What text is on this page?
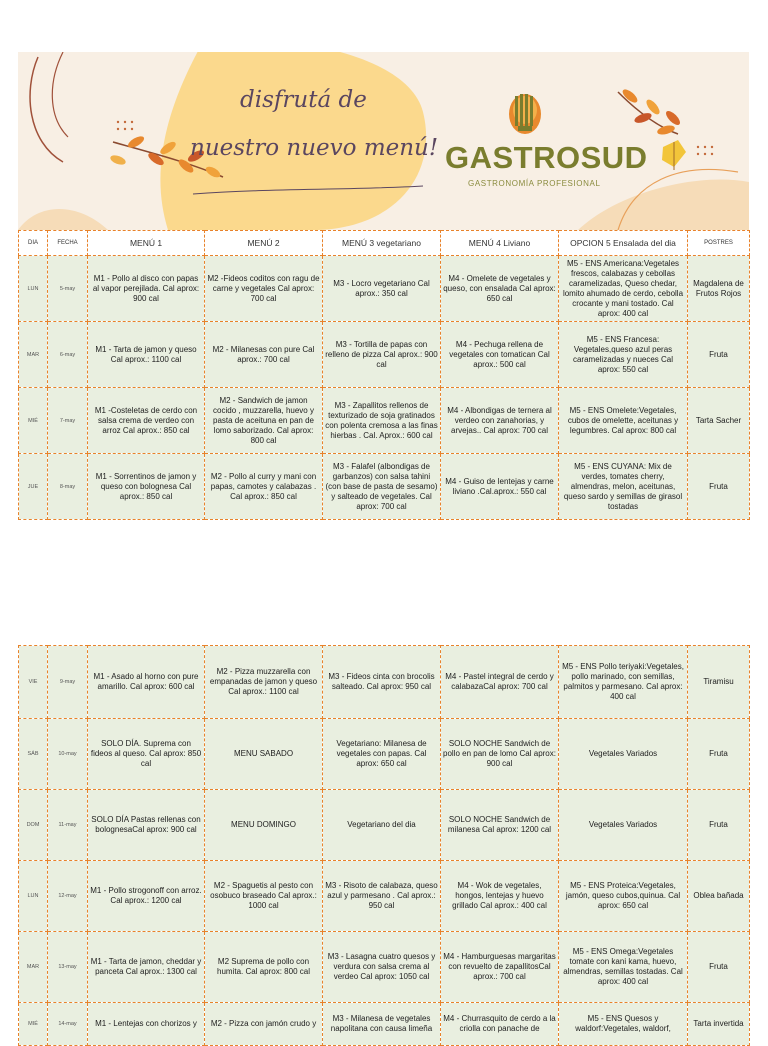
disfrutá de
nuestro nuevo menú! GASTROSUD
GASTRONOMÍA PROFESIONAL
DIA	FECHA	MENÚ 1	MENÚ 2	MENÚ 3 vegetariano	MENÚ 4 Liviano	OPCION 5 Ensalada del dia	POSTRES
LUN	5-may	M1 - Pollo al disco con papas al vapor perejilada. Cal aprox: 900 cal	M2 -Fideos coditos con ragu de carne y vegetales Cal aprox: 700 cal	M3 - Locro vegetariano Cal aprox.: 350 cal	M4 - Omelete de vegetales y queso, con ensalada Cal aprox: 650 cal	M5 - ENS Americana:Vegetales frescos, calabazas y cebollas caramelizadas, Queso chedar, lomito ahumado de cerdo, cebolla crocante y mani tostado. Cal aprox: 400 cal	Magdalena de Frutos Rojos
MAR	6-may	M1 - Tarta de jamon y queso Cal aprox.: 1100 cal	M2 - Milanesas con pure Cal aprox.: 700 cal	M3 - Tortilla de papas con relleno de pizza Cal aprox.: 900 cal	M4 - Pechuga rellena de vegetales con tomatican Cal aprox.: 500 cal	M5 - ENS Francesa: Vegetales,queso azul peras caramelizadas y nueces Cal aprox: 550 cal	Fruta
MIÉ	7-may	M1 -Costeletas de cerdo con salsa crema de verdeo con arroz Cal aprox.: 850 cal	M2 - Sandwich de jamon cocido , muzzarella, huevo y pasta de aceituna en pan de lomo saborizado. Cal aprox: 800 cal	M3 - Zapallitos rellenos de texturizado de soja gratinados con polenta cremosa a las finas hierbas . Cal. Aprox.: 600 cal	M4 - Albondigas de ternera al verdeo con zanahorias, y arvejas.. Cal aprox: 700 cal	M5 - ENS Omelete:Vegetales, cubos de omelette, aceitunas y legumbres. Cal aprox: 800 cal	Tarta Sacher
JUE	8-may	M1 - Sorrentinos de jamon y queso con bolognesa Cal aprox.: 850 cal	M2 - Pollo al curry y mani con papas, camotes y calabazas . Cal aprox.: 850 cal	M3 - Falafel (albondigas de garbanzos) con salsa tahini (con base de pasta de sesamo) y salteado de vegetales. Cal aprox: 700 cal	M4 - Guiso de lentejas y carne liviano .Cal.aprox.: 550 cal	M5 - ENS CUYANA: Mix de verdes, tomates cherry, almendras, melon, aceitunas, queso sardo y semillas de girasol tostadas	Fruta
VIE	9-may	M1 - Asado al horno con pure amarillo. Cal aprox: 600 cal	M2 - Pizza muzzarella con empanadas de jamon y queso Cal aprox.: 1100 cal	M3 - Fideos cinta con brocolis salteado. Cal aprox: 950 cal	M4 - Pastel integral de cerdo y calabazaCal aprox: 700 cal	M5 - ENS Pollo teriyaki:Vegetales, pollo marinado, con semillas, palmitos y parmesano. Cal aprox: 400 cal	Tiramisu
SÁB	10-may	SOLO DÍA. Suprema con fideos al queso. Cal aprox: 850 cal	MENU SABADO	Vegetariano: Milanesa de vegetales con papas. Cal aprox: 650 cal	SOLO NOCHE Sandwich de pollo en pan de lomo Cal aprox: 900 cal	Vegetales Variados	Fruta
DOM	11-may	SOLO DÍA Pastas rellenas con bolognesaCal aprox: 900 cal	MENU DOMINGO	Vegetariano del dia	SOLO NOCHE Sandwich de milanesa Cal aprox: 1200 cal	Vegetales Variados	Fruta
LUN	12-may	M1 - Pollo strogonoff con arroz. Cal aprox.: 1200 cal	M2 - Spaguetis al pesto con osobuco braseado Cal aprox.: 1000 cal	M3 - Risoto de calabaza, queso azul y parmesano . Cal aprox.: 950 cal	M4 - Wok de vegetales, hongos, lentejas y huevo grillado Cal aprox.: 400 cal	M5 - ENS Proteica:Vegetales, jamón, queso cubos,quinua. Cal aprox: 650 cal	Oblea bañada
MAR	13-may	M1 - Tarta de jamon, cheddar y panceta Cal aprox.: 1300 cal	M2 Suprema de pollo con humita. Cal aprox: 800 cal	M3 - Lasagna cuatro quesos y verdura con salsa crema al verdeo Cal aprox: 1050 cal	M4 - Hamburguesas margaritas con revuelto de zapallitosCal aprox.: 700 cal	M5 - ENS Omega:Vegetales tomate con kani kama, huevo, almendras, semillas tostadas. Cal aprox: 400 cal	Fruta
MIÉ	14-may	M1 - Lentejas con chorizos y	M2 - Pizza con jamón crudo y	M3 - Milanesa de vegetales napolitana con causa limeña	M4 - Churrasquito de cerdo a la criolla con panache de	M5 - ENS Quesos y waldorf:Vegetales, waldorf,	Tarta invertida
